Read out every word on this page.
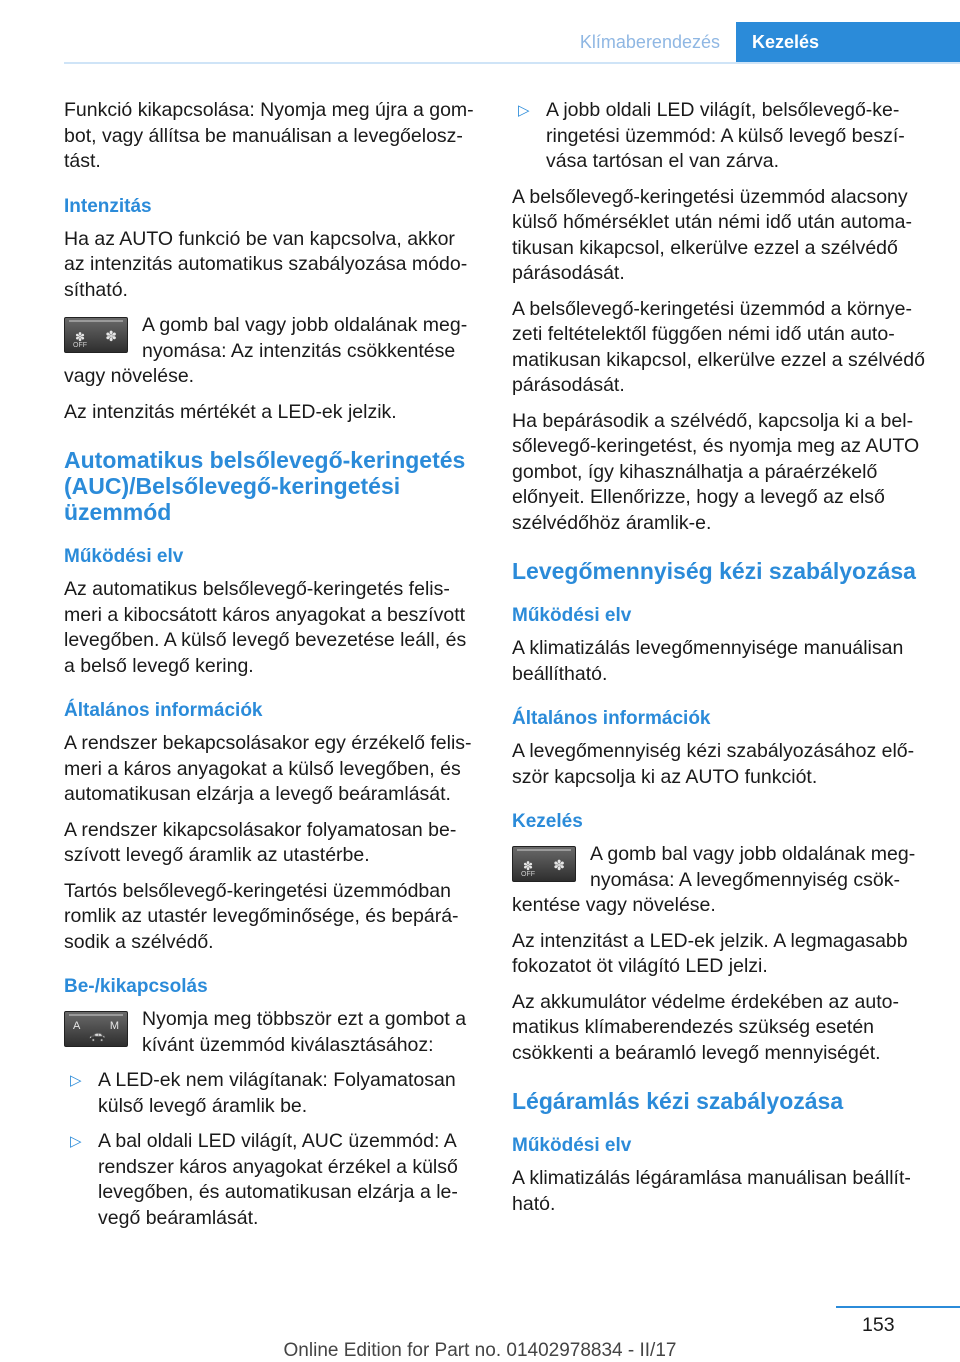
Klímaberendezés	Kezelés

Funkció kikapcsolása: Nyomja meg újra a gombot, vagy állítsa be manuálisan a levegőelosztást.

Intenzitás

Ha az AUTO funkció be van kapcsolva, akkor az intenzitás automatikus szabályozása módosítható.

✽
OFF
✽	A gomb bal vagy jobb oldalának megnyomása: Az intenzitás csökkentése vagy növelése.

Az intenzitás mértékét a LED-ek jelzik.

Automatikus belsőlevegő-keringetés (AUC)/Belsőlevegő-keringetési üzemmód
Működési elv

Az automatikus belsőlevegő-keringetés felismeri a kibocsátott káros anyagokat a beszívott levegőben. A külső levegő bevezetése leáll, és a belső levegő kering.

Általános információk

A rendszer bekapcsolásakor egy érzékelő felismeri a káros anyagokat a külső levegőben, és automatikusan elzárja a levegő beáramlását.

A rendszer kikapcsolásakor folyamatosan beszívott levegő áramlik az utastérbe.

Tartós belsőlevegő-keringetési üzemmódban romlik az utastér levegőminősége, és bepárásodik a szélvédő.

Be-/kikapcsolás
A	M
🚗
Nyomja meg többször ezt a gombot a kívánt üzemmód kiválasztásához:
▷ A LED-ek nem világítanak: Folyamatosan külső levegő áramlik be.
▷ A bal oldali LED világít, AUC üzemmód: A rendszer káros anyagokat érzékel a külső levegőben, és automatikusan elzárja a levegő beáramlását.
▷ A jobb oldali LED világít, belsőlevegő-keringetési üzemmód: A külső levegő beszívása tartósan el van zárva.

A belsőlevegő-keringetési üzemmód alacsony külső hőmérséklet után némi idő után automatikusan kikapcsol, elkerülve ezzel a szélvédő párásodását.

A belsőlevegő-keringetési üzemmód a környezeti feltételektől függően némi idő után automatikusan kikapcsol, elkerülve ezzel a szélvédő párásodását.

Ha bepárásodik a szélvédő, kapcsolja ki a belsőlevegő-keringetést, és nyomja meg az AUTO gombot, így kihasználhatja a páraérzékelő előnyeit. Ellenőrizze, hogy a levegő az első szélvédőhöz áramlik-e.

Levegőmennyiség kézi szabályozása
Működési elv

A klimatizálás levegőmennyisége manuálisan beállítható.

Általános információk

A levegőmennyiség kézi szabályozásához először kapcsolja ki az AUTO funkciót.

Kezelés
✽
OFF
✽	A gomb bal vagy jobb oldalának megnyomása: A levegőmennyiség csökkentése vagy növelése.

Az intenzitást a LED-ek jelzik. A legmagasabb fokozatot öt világító LED jelzi.

Az akkumulátor védelme érdekében az automatikus klímaberendezés szükség esetén csökkenti a beáramló levegő mennyiségét.

Légáramlás kézi szabályozása
Működési elv

A klimatizálás légáramlása manuálisan beállítható.

153
Online Edition for Part no. 01402978834 - II/17
